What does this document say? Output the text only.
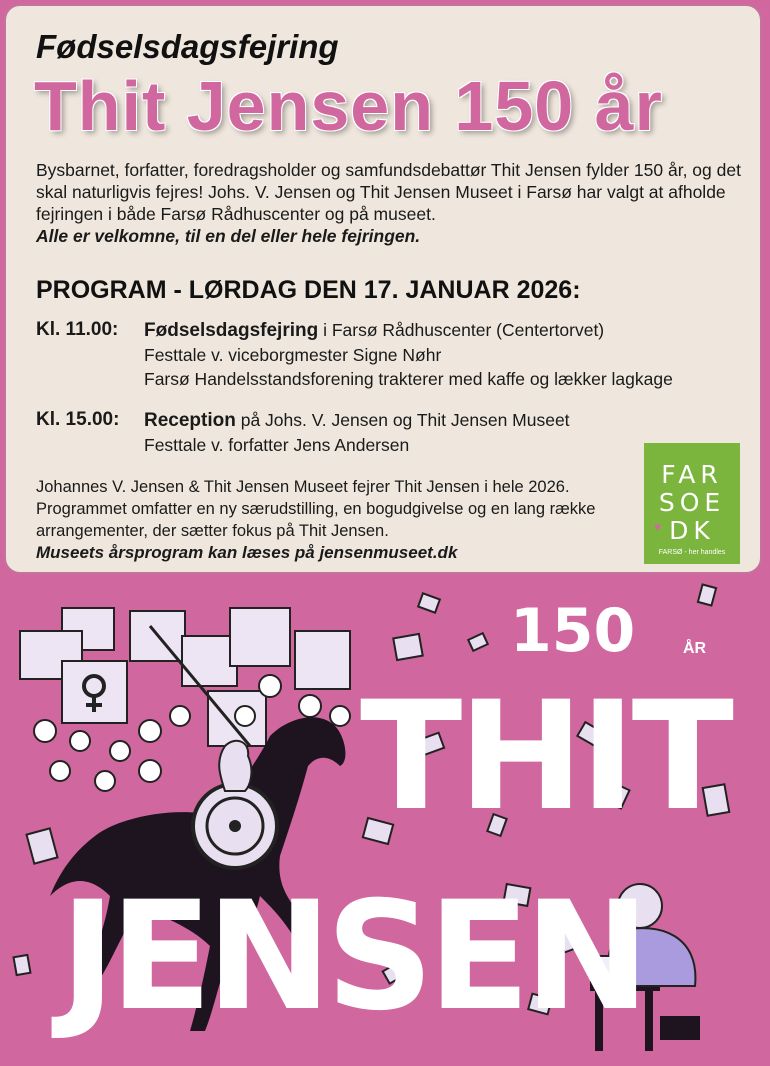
Fødselsdagsfejring

Thit Jensen 150 år

Bysbarnet, forfatter, foredragsholder og samfundsdebattør Thit Jensen fylder 150 år, og det skal naturligvis fejres! Johs. V. Jensen og Thit Jensen Museet i Farsø har valgt at afholde fejringen i både Farsø Rådhuscenter og på museet.
Alle er velkomne, til en del eller hele fejringen.

PROGRAM - LØRDAG DEN 17. JANUAR 2026:
Kl. 11.00:	Fødselsdagsfejring i Farsø Rådhuscenter (Centertorvet)
Festtale v. viceborgmester Signe Nøhr
Farsø Handelsstandsforening trakterer med kaffe og lækker lagkage
Kl. 15.00:	Reception på Johs. V. Jensen og Thit Jensen Museet
Festtale v. forfatter Jens Andersen

Johannes V. Jensen & Thit Jensen Museet fejrer Thit Jensen i hele 2026. Programmet omfatter en ny særudstilling, en bogudgivelse og en lang række arrangementer, der sætter fokus på Thit Jensen.
Museets årsprogram kan læses på jensenmuseet.dk

FAR
SOE
DK
♥
FARSØ - her handles

150	ÅR

THIT

JENSEN
